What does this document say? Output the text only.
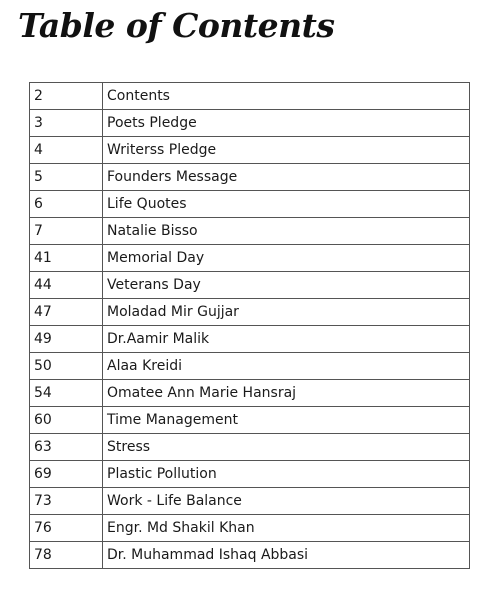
Table of Contents
2	Contents
3	Poets Pledge
4	Writerss Pledge
5	Founders Message
6	Life Quotes
7	Natalie Bisso
41	Memorial Day
44	Veterans Day
47	Moladad Mir Gujjar
49	Dr.Aamir Malik
50	Alaa Kreidi
54	Omatee Ann Marie Hansraj
60	Time Management
63	Stress
69	Plastic Pollution
73	Work - Life Balance
76	Engr. Md Shakil Khan
78	Dr. Muhammad Ishaq Abbasi
